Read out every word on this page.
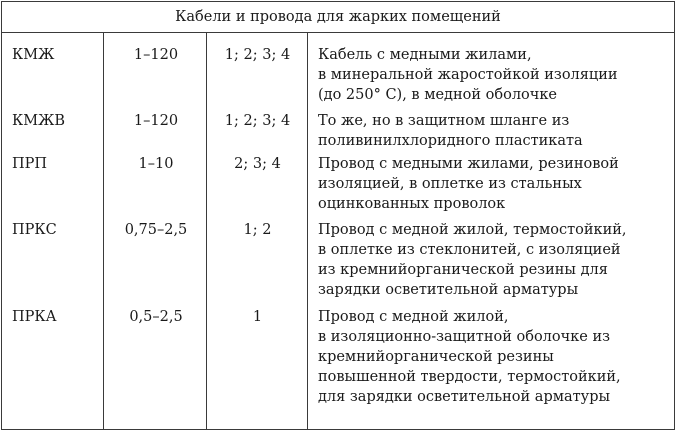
Кабели и провода для жарких помещений
КМЖ	1–120	1; 2; 3; 4	Кабель с медными жилами,
в минеральной жаростойкой изоляции
(до 250° С), в медной оболочке
КМЖВ	1–120	1; 2; 3; 4	То же, но в защитном шланге из
поливинилхлоридного пластиката
ПРП	1–10	2; 3; 4	Провод с медными жилами, резиновой
изоляцией, в оплетке из стальных
оцинкованных проволок
ПРКС	0,75–2,5	1; 2	Провод с медной жилой, термостойкий,
в оплетке из стеклонитей, с изоляцией
из кремнийорганической резины для
зарядки осветительной арматуры
ПРКА	0,5–2,5	1	Провод с медной жилой,
в изоляционно-защитной оболочке из
кремнийорганической резины
повышенной твердости, термостойкий,
для зарядки осветительной арматуры
